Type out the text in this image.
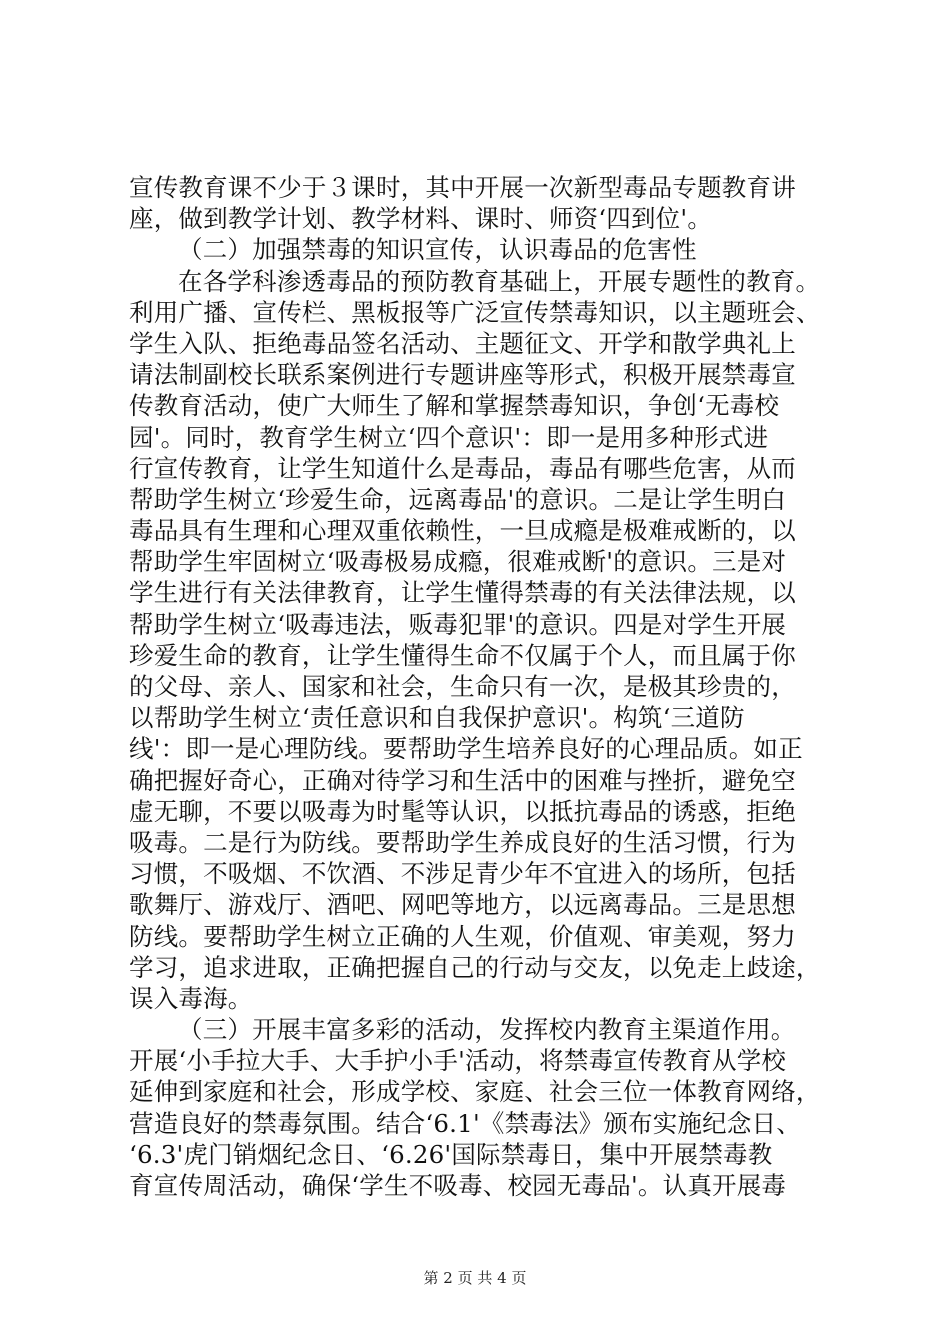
宣传教育课不少于３课时，其中开展一次新型毒品专题教育讲
座，做到教学计划、教学材料、课时、师资‘四到位'。
（二）加强禁毒的知识宣传，认识毒品的危害性
在各学科渗透毒品的预防教育基础上，开展专题性的教育。
利用广播、宣传栏、黑板报等广泛宣传禁毒知识，以主题班会、
学生入队、拒绝毒品签名活动、主题征文、开学和散学典礼上
请法制副校长联系案例进行专题讲座等形式，积极开展禁毒宣
传教育活动，使广大师生了解和掌握禁毒知识，争创‘无毒校
园'。同时，教育学生树立‘四个意识'：即一是用多种形式进
行宣传教育，让学生知道什么是毒品，毒品有哪些危害，从而
帮助学生树立‘珍爱生命，远离毒品'的意识。二是让学生明白
毒品具有生理和心理双重依赖性，一旦成瘾是极难戒断的，以
帮助学生牢固树立‘吸毒极易成瘾，很难戒断'的意识。三是对
学生进行有关法律教育，让学生懂得禁毒的有关法律法规，以
帮助学生树立‘吸毒违法，贩毒犯罪'的意识。四是对学生开展
珍爱生命的教育，让学生懂得生命不仅属于个人，而且属于你
的父母、亲人、国家和社会，生命只有一次，是极其珍贵的，
以帮助学生树立‘责任意识和自我保护意识'。构筑‘三道防
线'：即一是心理防线。要帮助学生培养良好的心理品质。如正
确把握好奇心，正确对待学习和生活中的困难与挫折，避免空
虚无聊，不要以吸毒为时髦等认识，以抵抗毒品的诱惑，拒绝
吸毒。二是行为防线。要帮助学生养成良好的生活习惯，行为
习惯，不吸烟、不饮酒、不涉足青少年不宜进入的场所，包括
歌舞厅、游戏厅、酒吧、网吧等地方，以远离毒品。三是思想
防线。要帮助学生树立正确的人生观，价值观、审美观，努力
学习，追求进取，正确把握自己的行动与交友，以免走上歧途，
误入毒海。
（三）开展丰富多彩的活动，发挥校内教育主渠道作用。
开展‘小手拉大手、大手护小手'活动，将禁毒宣传教育从学校
延伸到家庭和社会，形成学校、家庭、社会三位一体教育网络，
营造良好的禁毒氛围。结合‘6.1'《禁毒法》颁布实施纪念日、
‘6.3'虎门销烟纪念日、‘6.26'国际禁毒日，集中开展禁毒教
育宣传周活动，确保‘学生不吸毒、校园无毒品'。认真开展毒
第 2 页 共 4 页
